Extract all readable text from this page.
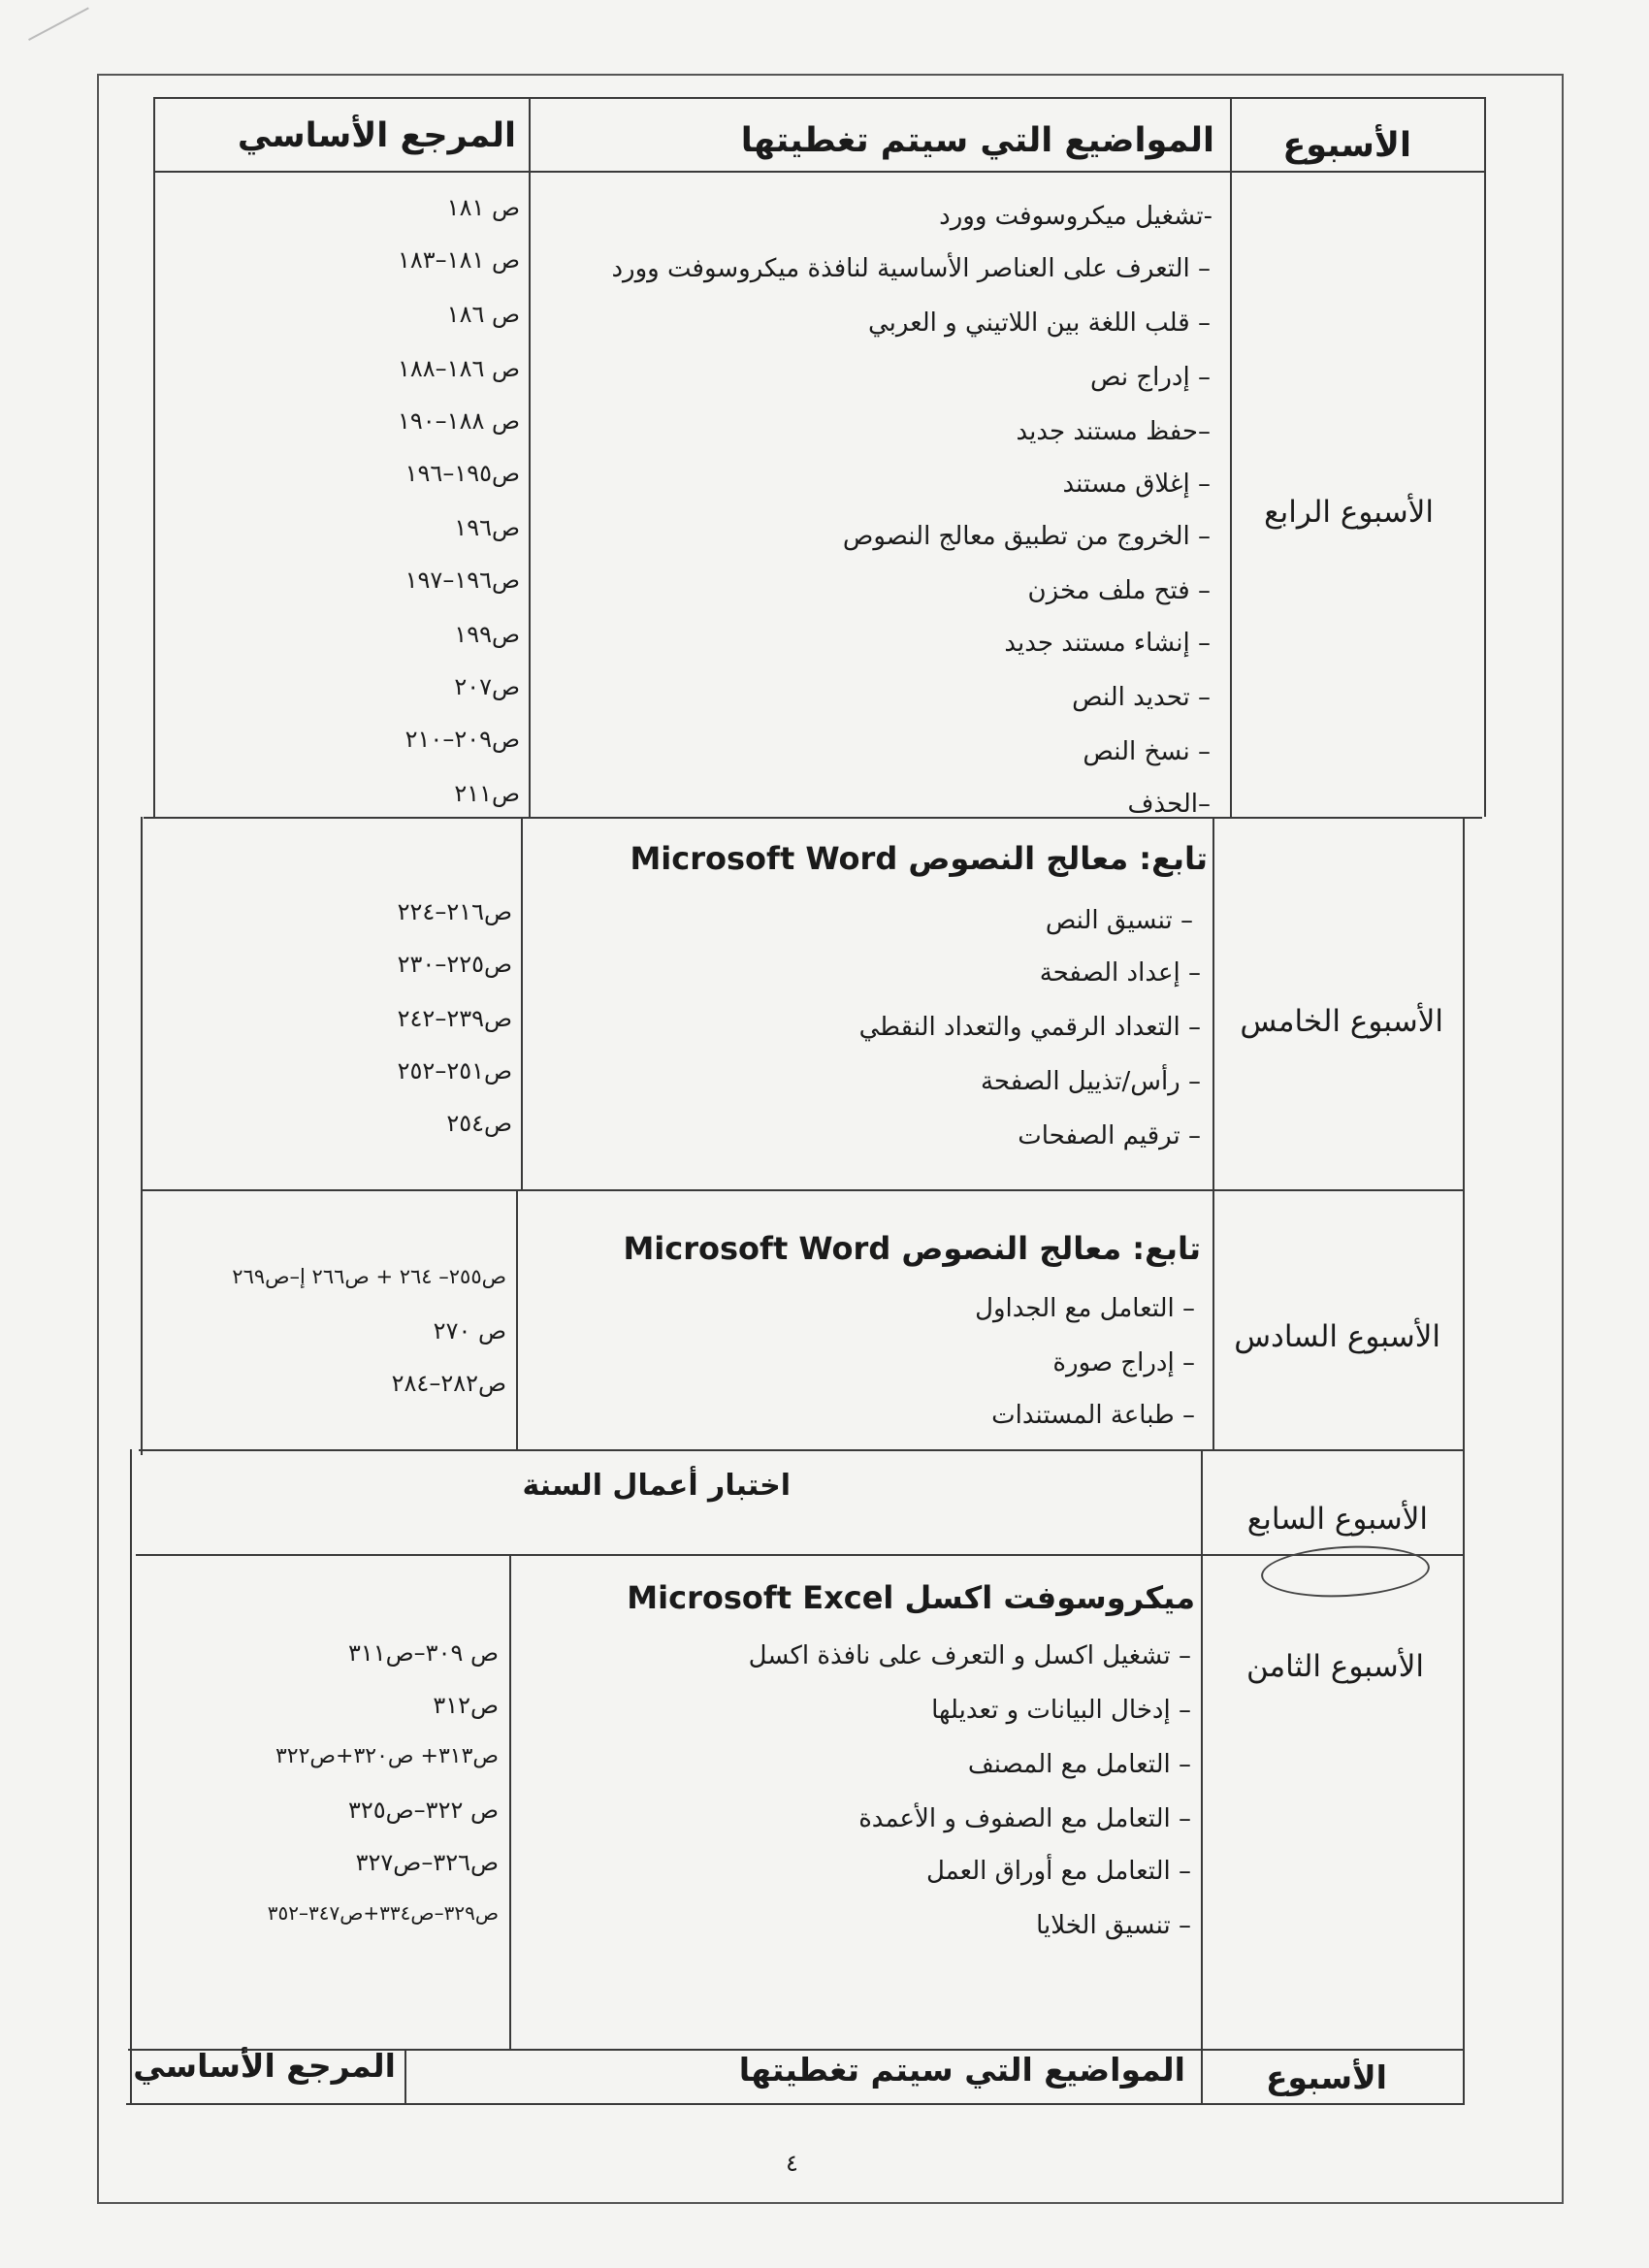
الأسبوع
المواضيع التي سيتم تغطيتها
المرجع الأساسي
الأسبوع الرابع
-تشغيل ميكروسوفت وورد
– التعرف على العناصر الأساسية لنافذة ميكروسوفت وورد
– قلب اللغة بين اللاتيني و العربي
– إدراج نص
–حفظ مستند جديد
– إغلاق مستند
– الخروج من تطبيق معالج النصوص
– فتح ملف مخزن
– إنشاء مستند جديد
– تحديد النص
– نسخ النص
–الحذف
ص ١٨١
ص ١٨١–١٨٣
ص ١٨٦
ص ١٨٦–١٨٨
ص ١٨٨–١٩٠
ص١٩٥–١٩٦
ص١٩٦
ص١٩٦–١٩٧
ص١٩٩
ص٢٠٧
ص٢٠٩–٢١٠
ص٢١١
الأسبوع الخامس
تابع: معالج النصوص Microsoft Word
– تنسيق النص
– إعداد الصفحة
– التعداد الرقمي والتعداد النقطي
– رأس/تذييل الصفحة
– ترقيم الصفحات
ص٢١٦–٢٢٤
ص٢٢٥–٢٣٠
ص٢٣٩–٢٤٢
ص٢٥١–٢٥٢
ص٢٥٤
الأسبوع السادس
تابع: معالج النصوص Microsoft Word
– التعامل مع الجداول
– إدراج صورة
– طباعة المستندات
ص٢٥٥– ٢٦٤ + ص٢٦٦ إ–ص٢٦٩
ص ٢٧٠
ص٢٨٢–٢٨٤
الأسبوع السابع
اختبار أعمال السنة
الأسبوع الثامن
ميكروسوفت اكسل Microsoft Excel
– تشغيل اكسل و التعرف على نافذة اكسل
– إدخال البيانات و تعديلها
– التعامل مع المصنف
– التعامل مع الصفوف و الأعمدة
– التعامل مع أوراق العمل
– تنسيق الخلايا
ص ٣٠٩–ص٣١١
ص٣١٢
ص٣١٣+ ص٣٢٠+ص٣٢٢
ص ٣٢٢–ص٣٢٥
ص٣٢٦–ص٣٢٧
ص٣٢٩–ص٣٣٤+ص٣٤٧–٣٥٢
الأسبوع
المواضيع التي سيتم تغطيتها
المرجع الأساسي
٤
